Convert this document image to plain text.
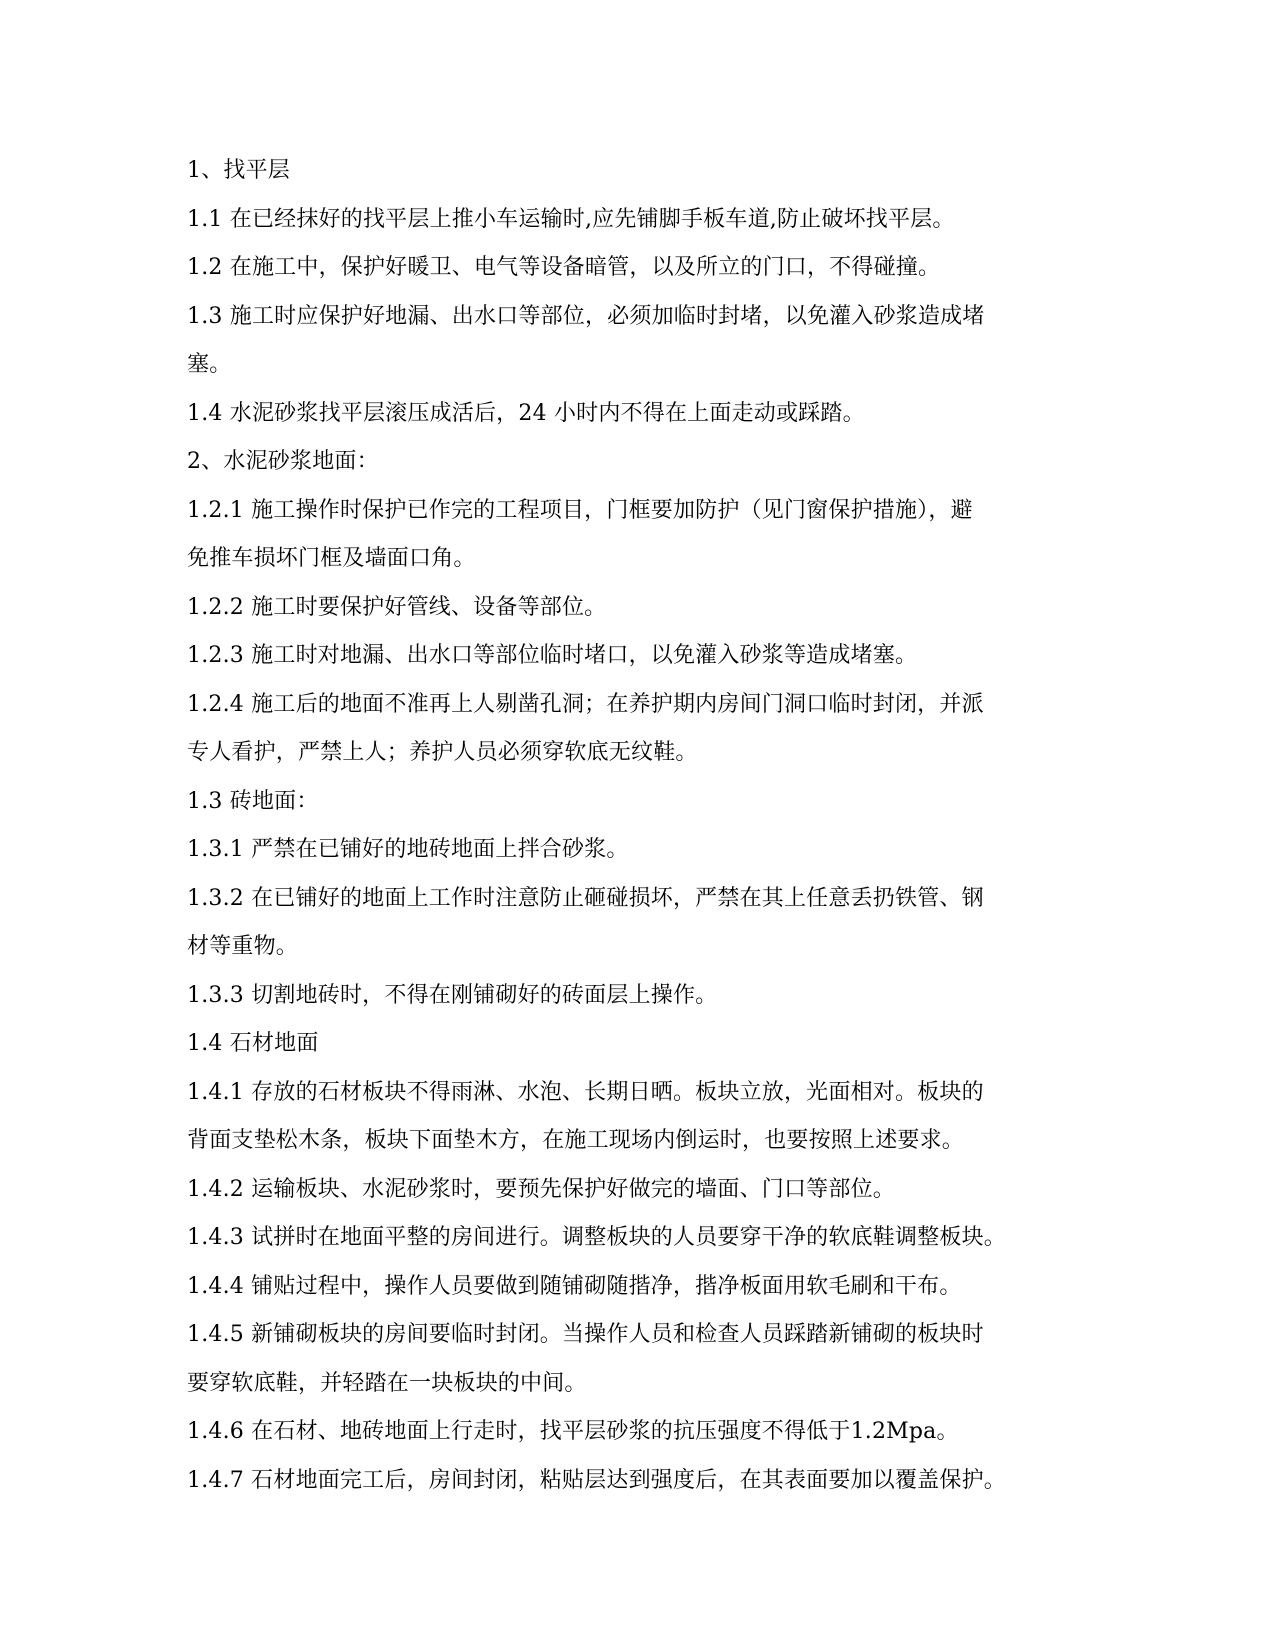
1、找平层
1.1 在已经抹好的找平层上推小车运输时,应先铺脚手板车道,防止破坏找平层。
1.2 在施工中，保护好暖卫、电气等设备暗管，以及所立的门口，不得碰撞。
1.3 施工时应保护好地漏、出水口等部位，必须加临时封堵，以免灌入砂浆造成堵
塞。
1.4 水泥砂浆找平层滚压成活后，24 小时内不得在上面走动或踩踏。
2、水泥砂浆地面：
1.2.1 施工操作时保护已作完的工程项目，门框要加防护（见门窗保护措施），避
免推车损坏门框及墙面口角。
1.2.2 施工时要保护好管线、设备等部位。
1.2.3 施工时对地漏、出水口等部位临时堵口，以免灌入砂浆等造成堵塞。
1.2.4 施工后的地面不准再上人剔凿孔洞；在养护期内房间门洞口临时封闭，并派
专人看护，严禁上人；养护人员必须穿软底无纹鞋。
1.3 砖地面：
1.3.1 严禁在已铺好的地砖地面上拌合砂浆。
1.3.2 在已铺好的地面上工作时注意防止砸碰损坏，严禁在其上任意丢扔铁管、钢
材等重物。
1.3.3 切割地砖时，不得在刚铺砌好的砖面层上操作。
1.4 石材地面
1.4.1 存放的石材板块不得雨淋、水泡、长期日晒。板块立放，光面相对。板块的
背面支垫松木条，板块下面垫木方，在施工现场内倒运时，也要按照上述要求。
1.4.2 运输板块、水泥砂浆时，要预先保护好做完的墙面、门口等部位。
1.4.3 试拼时在地面平整的房间进行。调整板块的人员要穿干净的软底鞋调整板块。
1.4.4 铺贴过程中，操作人员要做到随铺砌随揩净，揩净板面用软毛刷和干布。
1.4.5 新铺砌板块的房间要临时封闭。当操作人员和检查人员踩踏新铺砌的板块时
要穿软底鞋，并轻踏在一块板块的中间。
1.4.6 在石材、地砖地面上行走时，找平层砂浆的抗压强度不得低于1.2Mpa。
1.4.7 石材地面完工后，房间封闭，粘贴层达到强度后，在其表面要加以覆盖保护。
